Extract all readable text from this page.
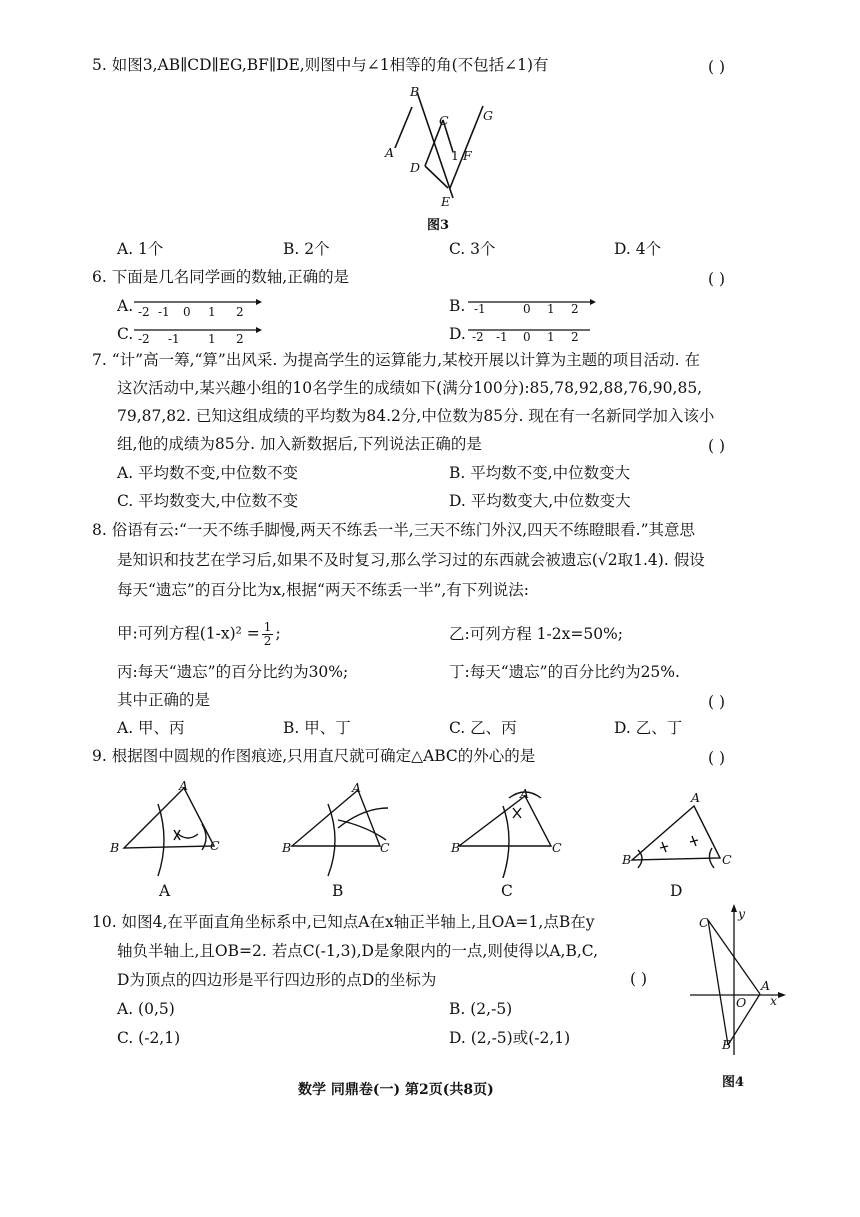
5. 如图3,AB∥CD∥EG,BF∥DE,则图中与∠1相等的角(不包括∠1)有	( )
B
C	G
A	1 F
D
E
图3
A. 1个	B. 2个	C. 3个	D. 4个
6. 下面是几名同学画的数轴,正确的是	( )
A. -2 -1 0 1 2	B. -1	0 1 2
C. -2 -1 1 2	D. -2 -1 0 1 2
7. “计”高一筹,“算”出风采. 为提高学生的运算能力,某校开展以计算为主题的项目活动. 在
这次活动中,某兴趣小组的10名学生的成绩如下(满分100分):85,78,92,88,76,90,85,
79,87,82. 已知这组成绩的平均数为84.2分,中位数为85分. 现在有一名新同学加入该小
组,他的成绩为85分. 加入新数据后,下列说法正确的是	( )
A. 平均数不变,中位数不变	B. 平均数不变,中位数变大
C. 平均数变大,中位数不变	D. 平均数变大,中位数变大
8. 俗语有云:“一天不练手脚慢,两天不练丢一半,三天不练门外汉,四天不练瞪眼看.”其意思
是知识和技艺在学习后,如果不及时复习,那么学习过的东西就会被遗忘(√2取1.4). 假设
每天“遗忘”的百分比为x,根据“两天不练丢一半”,有下列说法:
甲:可列方程$(1-x)^2 = \frac{1}{2}$ ;	乙:可列方程 1-2x=50%;
丙:每天“遗忘”的百分比约为30%;	丁:每天“遗忘”的百分比约为25%.
其中正确的是	( )
A. 甲、丙	B. 甲、丁	C. 乙、丙	D. 乙、丁
9. 根据图中圆规的作图痕迹,只用直尺就可确定△ABC的外心的是	( )
A
B	C
A
A
B	C
B
A
B	C
C
A
B	C
D
10. 如图4,在平面直角坐标系中,已知点A在x轴正半轴上,且OA=1,点B在y
轴负半轴上,且OB=2. 若点C(-1,3),D是象限内的一点,则使得以A,B,C,
D为顶点的四边形是平行四边形的点D的坐标为	( )
A. (0,5)	B. (2,-5)
C. (-2,1)	D. (2,-5)或(-2,1)
C
y
A
O x
B
图4
数学 同鼎卷(一) 第2页(共8页)
